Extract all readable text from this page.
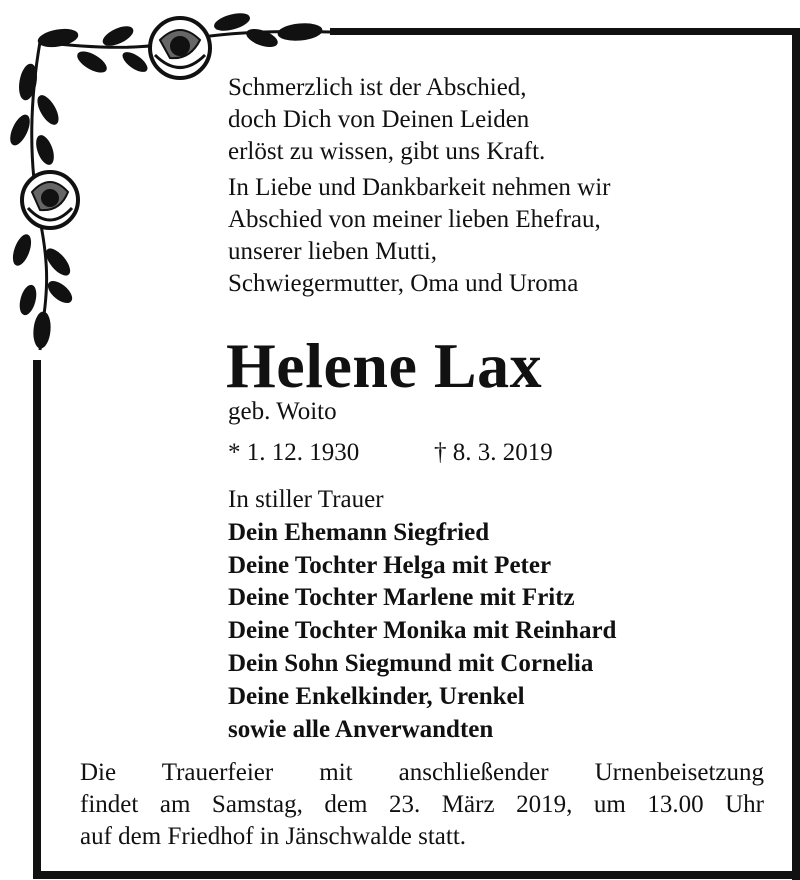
Schmerzlich ist der Abschied,

doch Dich von Deinen Leiden

erlöst zu wissen, gibt uns Kraft.

In Liebe und Dankbarkeit nehmen wir

Abschied von meiner lieben Ehefrau,

unserer lieben Mutti,

Schwiegermutter, Oma und Uroma

Helene Lax
geb. Woito
* 1. 12. 1930	† 8. 3. 2019
In stiller Trauer
Dein Ehemann Siegfried
Deine Tochter Helga mit Peter
Deine Tochter Marlene mit Fritz
Deine Tochter Monika mit Reinhard
Dein Sohn Siegmund mit Cornelia
Deine Enkelkinder, Urenkel
sowie alle Anverwandten
Die Trauerfeier mit anschließender Urnenbeisetzung
findet am Samstag, dem 23. März 2019, um 13.00 Uhr
auf dem Friedhof in Jänschwalde statt.
